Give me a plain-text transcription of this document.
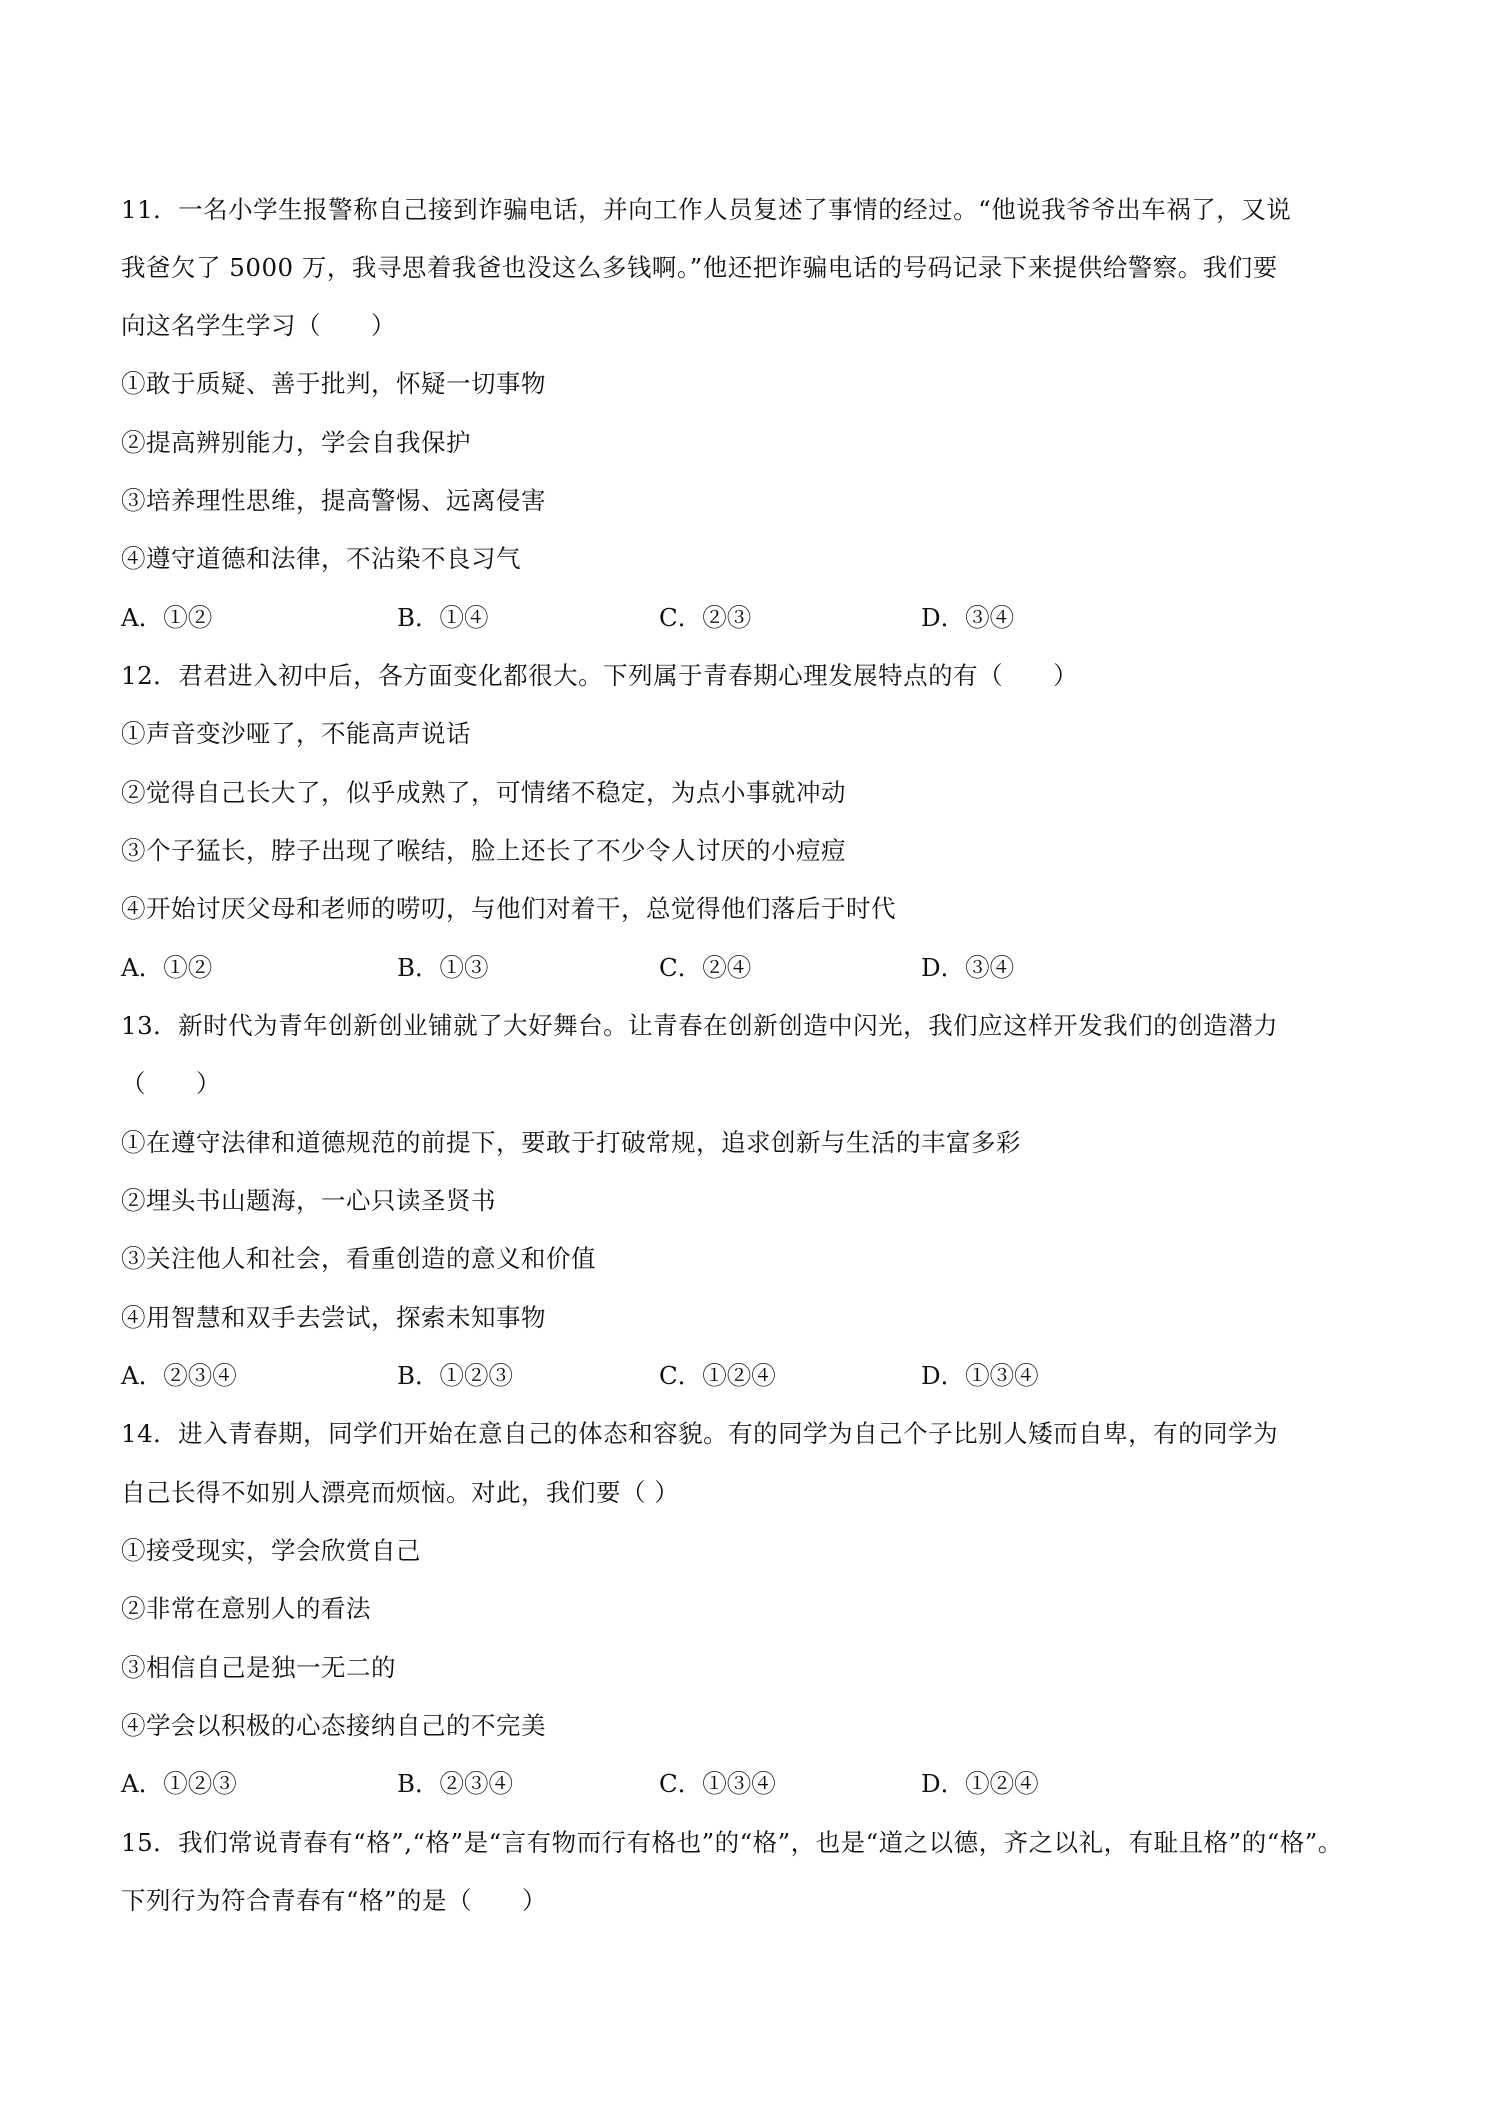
11．一名小学生报警称自己接到诈骗电话，并向工作人员复述了事情的经过。“他说我爷爷出车祸了，又说
我爸欠了 5000 万，我寻思着我爸也没这么多钱啊。”他还把诈骗电话的号码记录下来提供给警察。我们要
向这名学生学习（　　）
①敢于质疑、善于批判，怀疑一切事物
②提高辨别能力，学会自我保护
③培养理性思维，提高警惕、远离侵害
④遵守道德和法律，不沾染不良习气
A．①②	B．①④	C．②③	D．③④
12．君君进入初中后，各方面变化都很大。下列属于青春期心理发展特点的有（　　）
①声音变沙哑了，不能高声说话
②觉得自己长大了，似乎成熟了，可情绪不稳定，为点小事就冲动
③个子猛长，脖子出现了喉结，脸上还长了不少令人讨厌的小痘痘
④开始讨厌父母和老师的唠叨，与他们对着干，总觉得他们落后于时代
A．①②	B．①③	C．②④	D．③④
13．新时代为青年创新创业铺就了大好舞台。让青春在创新创造中闪光，我们应这样开发我们的创造潜力
（　　）
①在遵守法律和道德规范的前提下，要敢于打破常规，追求创新与生活的丰富多彩
②埋头书山题海，一心只读圣贤书
③关注他人和社会，看重创造的意义和价值
④用智慧和双手去尝试，探索未知事物
A．②③④	B．①②③	C．①②④	D．①③④
14．进入青春期，同学们开始在意自己的体态和容貌。有的同学为自己个子比别人矮而自卑，有的同学为
自己长得不如别人漂亮而烦恼。对此，我们要（ ）
①接受现实，学会欣赏自己
②非常在意别人的看法
③相信自己是独一无二的
④学会以积极的心态接纳自己的不完美
A．①②③	B．②③④	C．①③④	D．①②④
15．我们常说青春有“格”,“格”是“言有物而行有格也”的“格”，也是“道之以德，齐之以礼，有耻且格”的“格”。
下列行为符合青春有“格”的是（　　）
